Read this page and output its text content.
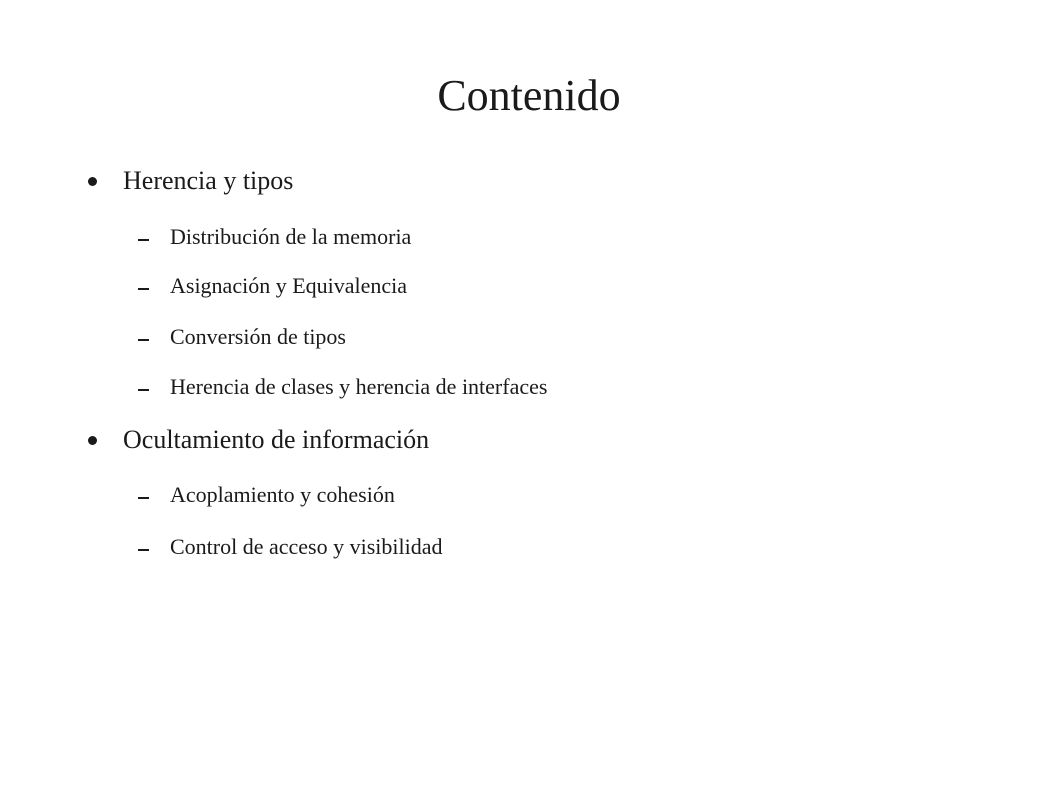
Contenido
Herencia y tipos
Distribución de la memoria
Asignación y Equivalencia
Conversión de tipos
Herencia de clases y herencia de interfaces
Ocultamiento de información
Acoplamiento y cohesión
Control de acceso y visibilidad
